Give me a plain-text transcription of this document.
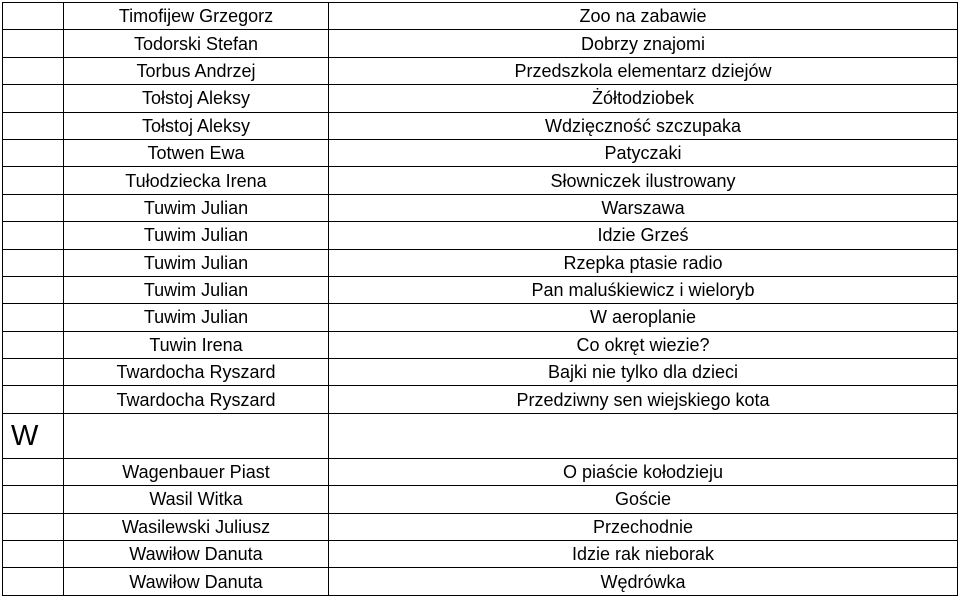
	Timofijew Grzegorz	Zoo na zabawie
	Todorski Stefan	Dobrzy znajomi
	Torbus Andrzej	Przedszkola elementarz dziejów
	Tołstoj Aleksy	Żółtodziobek
	Tołstoj Aleksy	Wdzięczność szczupaka
	Totwen Ewa	Patyczaki
	Tułodziecka Irena	Słowniczek ilustrowany
	Tuwim Julian	Warszawa
	Tuwim Julian	Idzie Grześ
	Tuwim Julian	Rzepka ptasie radio
	Tuwim Julian	Pan maluśkiewicz i wieloryb
	Tuwim Julian	W aeroplanie
	Tuwin Irena	Co okręt wiezie?
	Twardocha Ryszard	Bajki nie tylko dla dzieci
	Twardocha Ryszard	Przedziwny sen wiejskiego kota
W		
	Wagenbauer Piast	O piaście kołodzieju
	Wasil Witka	Goście
	Wasilewski Juliusz	Przechodnie
	Wawiłow Danuta	Idzie rak nieborak
	Wawiłow Danuta	Wędrówka
